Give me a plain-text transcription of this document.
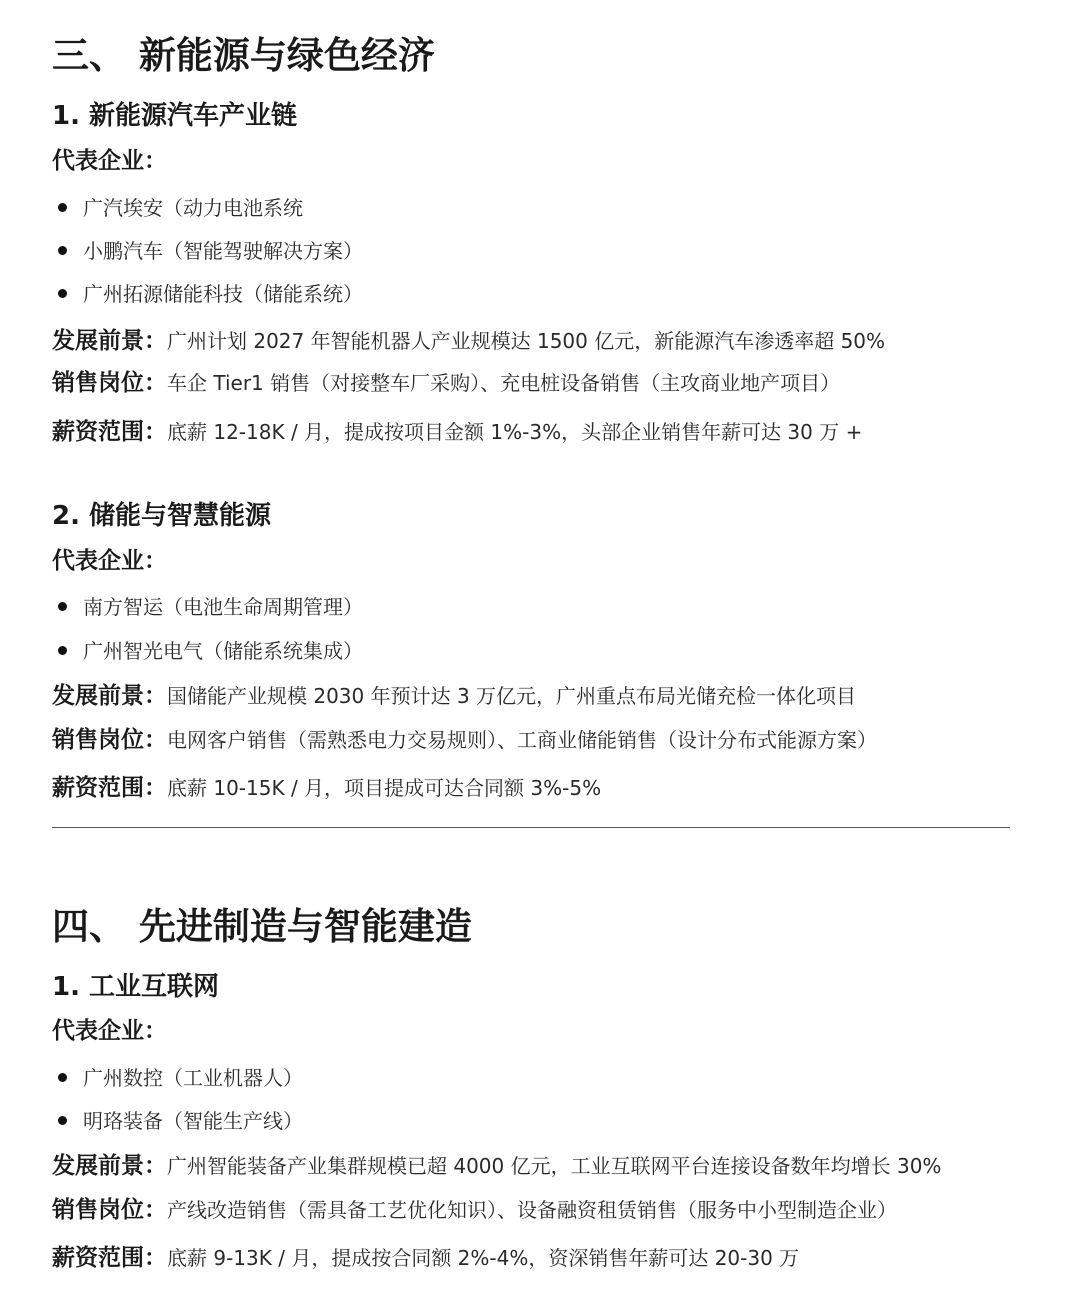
三、 新能源与绿色经济
1. 新能源汽车产业链
代表企业：
广汽埃安（动力电池系统
小鹏汽车（智能驾驶解决方案）
广州拓源储能科技（储能系统）
发展前景：广州计划 2027 年智能机器人产业规模达 1500 亿元，新能源汽车渗透率超 50%
销售岗位：车企 Tier1 销售（对接整车厂采购）、充电桩设备销售（主攻商业地产项目）
薪资范围：底薪 12-18K / 月，提成按项目金额 1%-3%，头部企业销售年薪可达 30 万 +
2. 储能与智慧能源
代表企业：
南方智运（电池生命周期管理）
广州智光电气（储能系统集成）
发展前景：国储能产业规模 2030 年预计达 3 万亿元，广州重点布局光储充检一体化项目
销售岗位：电网客户销售（需熟悉电力交易规则）、工商业储能销售（设计分布式能源方案）
薪资范围：底薪 10-15K / 月，项目提成可达合同额 3%-5%
四、 先进制造与智能建造
1. 工业互联网
代表企业：
广州数控（工业机器人）
明珞装备（智能生产线）
发展前景：广州智能装备产业集群规模已超 4000 亿元，工业互联网平台连接设备数年均增长 30%
销售岗位：产线改造销售（需具备工艺优化知识）、设备融资租赁销售（服务中小型制造企业）
薪资范围：底薪 9-13K / 月，提成按合同额 2%-4%，资深销售年薪可达 20-30 万
